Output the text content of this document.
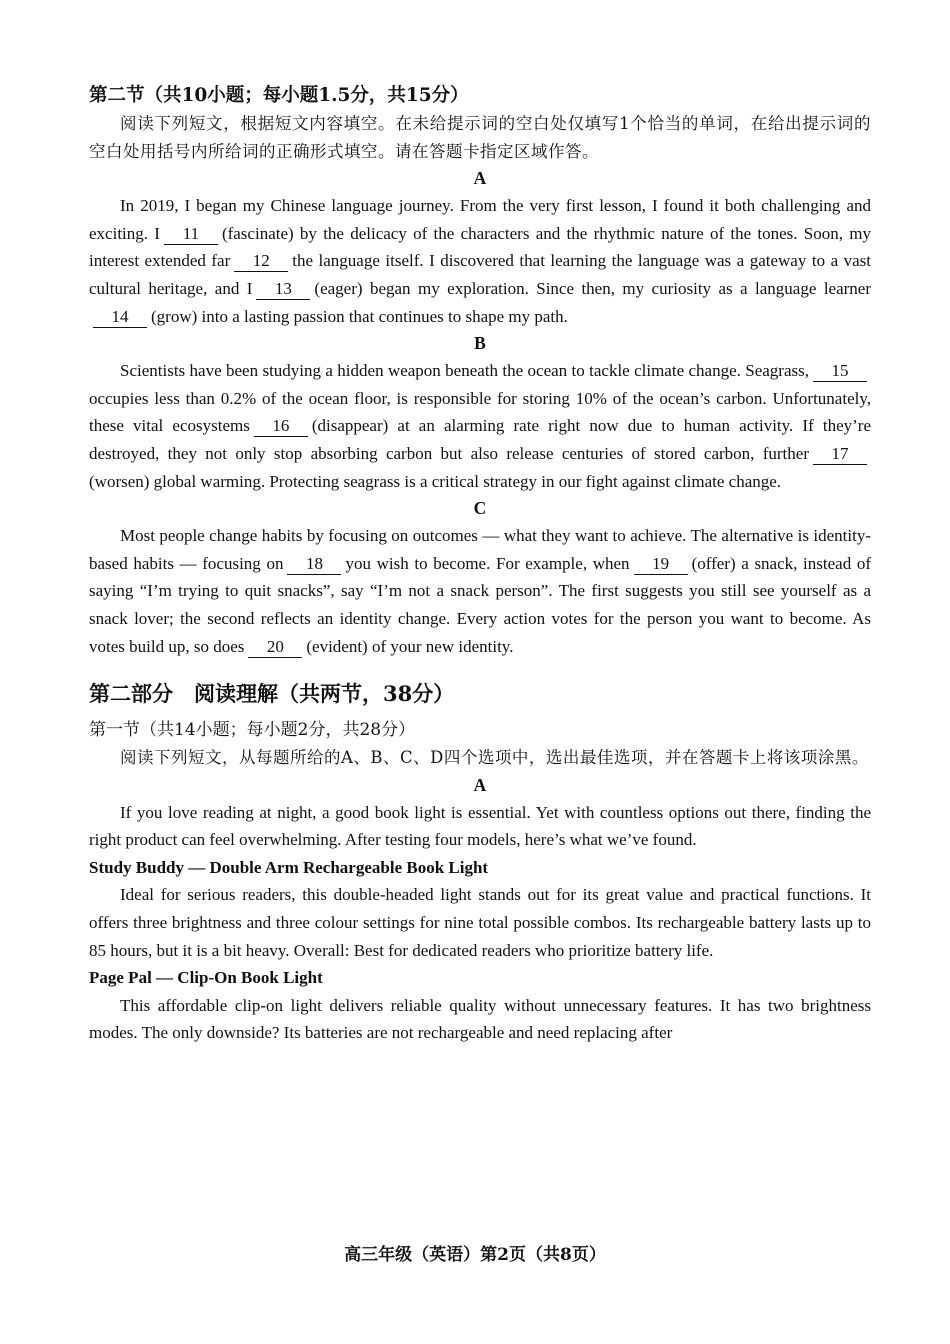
第二节（共10小题；每小题1.5分，共15分）

阅读下列短文，根据短文内容填空。在未给提示词的空白处仅填写1个恰当的单词，在给出提示词的空白处用括号内所给词的正确形式填空。请在答题卡指定区域作答。

A

In 2019, I began my Chinese language journey. From the very first lesson, I found it both challenging and exciting. I 11 (fascinate) by the delicacy of the characters and the rhythmic nature of the tones. Soon, my interest extended far 12 the language itself. I discovered that learning the language was a gateway to a vast cultural heritage, and I 13 (eager) began my exploration. Since then, my curiosity as a language learner14 (grow) into a lasting passion that continues to shape my path.

B

Scientists have been studying a hidden weapon beneath the ocean to tackle climate change. Seagrass, 15occupies less than 0.2% of the ocean floor, is responsible for storing 10% of the ocean’s carbon. Unfortunately, these vital ecosystems 16 (disappear) at an alarming rate right now due to human activity. If they’re destroyed, they not only stop absorbing carbon but also release centuries of stored carbon, further 17(worsen) global warming. Protecting seagrass is a critical strategy in our fight against climate change.

C

Most people change habits by focusing on outcomes — what they want to achieve. The alternative is identity-based habits — focusing on 18 you wish to become. For example, when 19 (offer) a snack, instead of saying “I’m trying to quit snacks”, say “I’m not a snack person”. The first suggests you still see yourself as a snack lover; the second reflects an identity change. Every action votes for the person you want to become. As votes build up, so does 20 (evident) of your new identity.

第二部分　阅读理解（共两节，38分）
第一节（共14小题；每小题2分，共28分）

阅读下列短文，从每题所给的A、B、C、D四个选项中，选出最佳选项，并在答题卡上将该项涂黑。

A

If you love reading at night, a good book light is essential. Yet with countless options out there, finding the right product can feel overwhelming. After testing four models, here’s what we’ve found.

Study Buddy — Double Arm Rechargeable Book Light

Ideal for serious readers, this double-headed light stands out for its great value and practical functions. It offers three brightness and three colour settings for nine total possible combos. Its rechargeable battery lasts up to 85 hours, but it is a bit heavy. Overall: Best for dedicated readers who prioritize battery life.

Page Pal — Clip-On Book Light

This affordable clip-on light delivers reliable quality without unnecessary features. It has two brightness modes. The only downside? Its batteries are not rechargeable and need replacing after

高三年级（英语）第2页（共8页）
